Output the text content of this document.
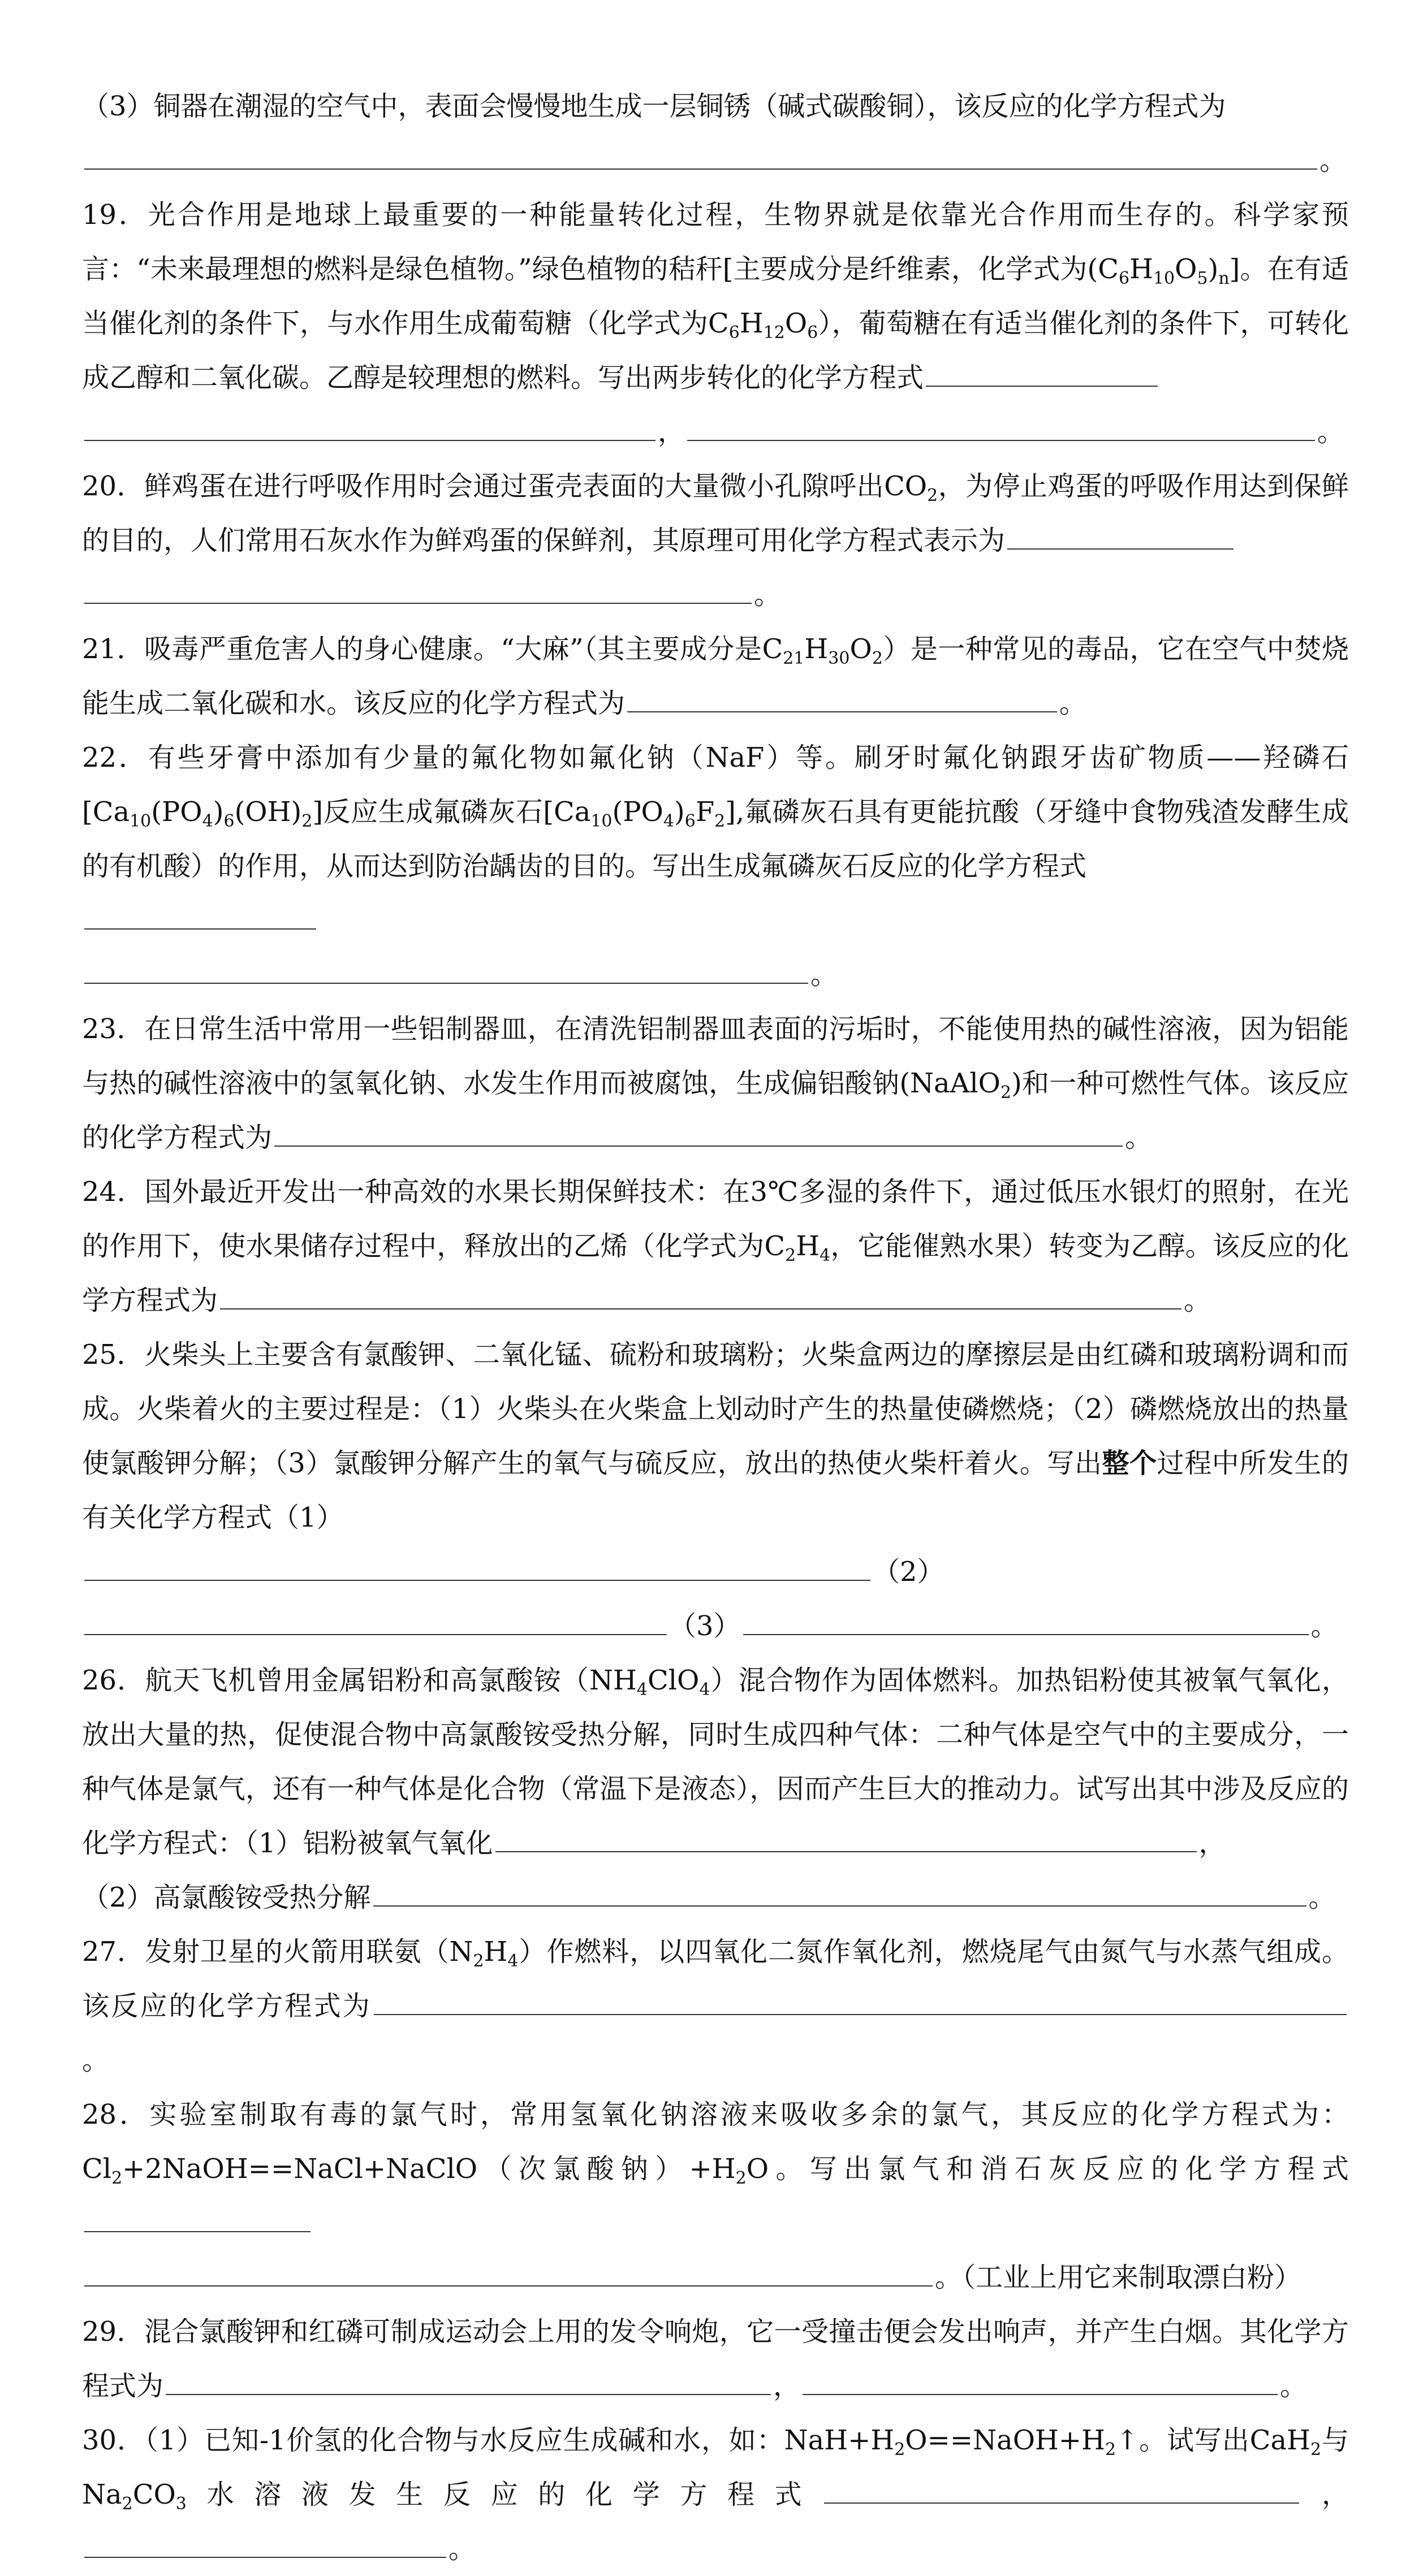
（3）铜器在潮湿的空气中，表面会慢慢地生成一层铜锈（碱式碳酸铜），该反应的化学方程式为

。

19．光合作用是地球上最重要的一种能量转化过程，生物界就是依靠光合作用而生存的。科学家预言：“未来最理想的燃料是绿色植物。”绿色植物的秸秆[主要成分是纤维素，化学式为$(C_6H_{10}O_5)_n$]。在有适当催化剂的条件下，与水作用生成葡萄糖（化学式为$C_6H_{12}O_6$），葡萄糖在有适当催化剂的条件下，可转化成乙醇和二氧化碳。乙醇是较理想的燃料。写出两步转化的化学方程式

，	。

20．鲜鸡蛋在进行呼吸作用时会通过蛋壳表面的大量微小孔隙呼出$CO_2$，为停止鸡蛋的呼吸作用达到保鲜的目的，人们常用石灰水作为鲜鸡蛋的保鲜剂，其原理可用化学方程式表示为

。

21．吸毒严重危害人的身心健康。“大麻”（其主要成分是$C_{21}H_{30}O_2$）是一种常见的毒品，它在空气中焚烧能生成二氧化碳和水。该反应的化学方程式为	。

22．有些牙膏中添加有少量的氟化物如氟化钠（NaF）等。刷牙时氟化钠跟牙齿矿物质——羟磷石$[Ca_{10}(PO_4)_6(OH)_2]$反应生成氟磷灰石$[Ca_{10}(PO_4)_6F_2]$,氟磷灰石具有更能抗酸（牙缝中食物残渣发酵生成的有机酸）的作用，从而达到防治龋齿的目的。写出生成氟磷灰石反应的化学方程式

。

23．在日常生活中常用一些铝制器皿，在清洗铝制器皿表面的污垢时，不能使用热的碱性溶液，因为铝能与热的碱性溶液中的氢氧化钠、水发生作用而被腐蚀，生成偏铝酸钠(NaAlO$_2$)和一种可燃性气体。该反应的化学方程式为	。

24．国外最近开发出一种高效的水果长期保鲜技术：在3℃多湿的条件下，通过低压水银灯的照射，在光的作用下，使水果储存过程中，释放出的乙烯（化学式为$C_2H_4$，它能催熟水果）转变为乙醇。该反应的化学方程式为	。

25．火柴头上主要含有氯酸钾、二氧化锰、硫粉和玻璃粉；火柴盒两边的摩擦层是由红磷和玻璃粉调和而成。火柴着火的主要过程是：（1）火柴头在火柴盒上划动时产生的热量使磷燃烧；（2）磷燃烧放出的热量使氯酸钾分解；（3）氯酸钾分解产生的氧气与硫反应，放出的热使火柴杆着火。写出整个过程中所发生的有关化学方程式（1）

（2）

（3）	。

26．航天飞机曾用金属铝粉和高氯酸铵$(NH_4ClO_4)$混合物作为固体燃料。加热铝粉使其被氧气氧化，放出大量的热，促使混合物中高氯酸铵受热分解，同时生成四种气体：二种气体是空气中的主要成分，一种气体是氯气，还有一种气体是化合物（常温下是液态），因而产生巨大的推动力。试写出其中涉及反应的化学方程式：（1）铝粉被氧气氧化	，

（2）高氯酸铵受热分解	。

27．发射卫星的火箭用联氨$(N_2H_4)$作燃料，以四氧化二氮作氧化剂，燃烧尾气由氮气与水蒸气组成。该反应的化学方程式为。

28．实验室制取有毒的氯气时，常用氢氧化钠溶液来吸收多余的氯气，其反应的化学方程式为：$Cl_2+2NaOH==NaCl+NaClO$（次氯酸钠）$+H_2O$。写出氯气和消石灰反应的化学方程式

。（工业上用它来制取漂白粉）

29．混合氯酸钾和红磷可制成运动会上用的发令响炮，它一受撞击便会发出响声，并产生白烟。其化学方程式为	，	。

30．（1）已知-1价氢的化合物与水反应生成碱和水，如：$NaH+H_2O==NaOH+H_2↑$。试写出CaH$_2$与$Na_2CO_3$水溶液发生反应的化学方程式	，。
